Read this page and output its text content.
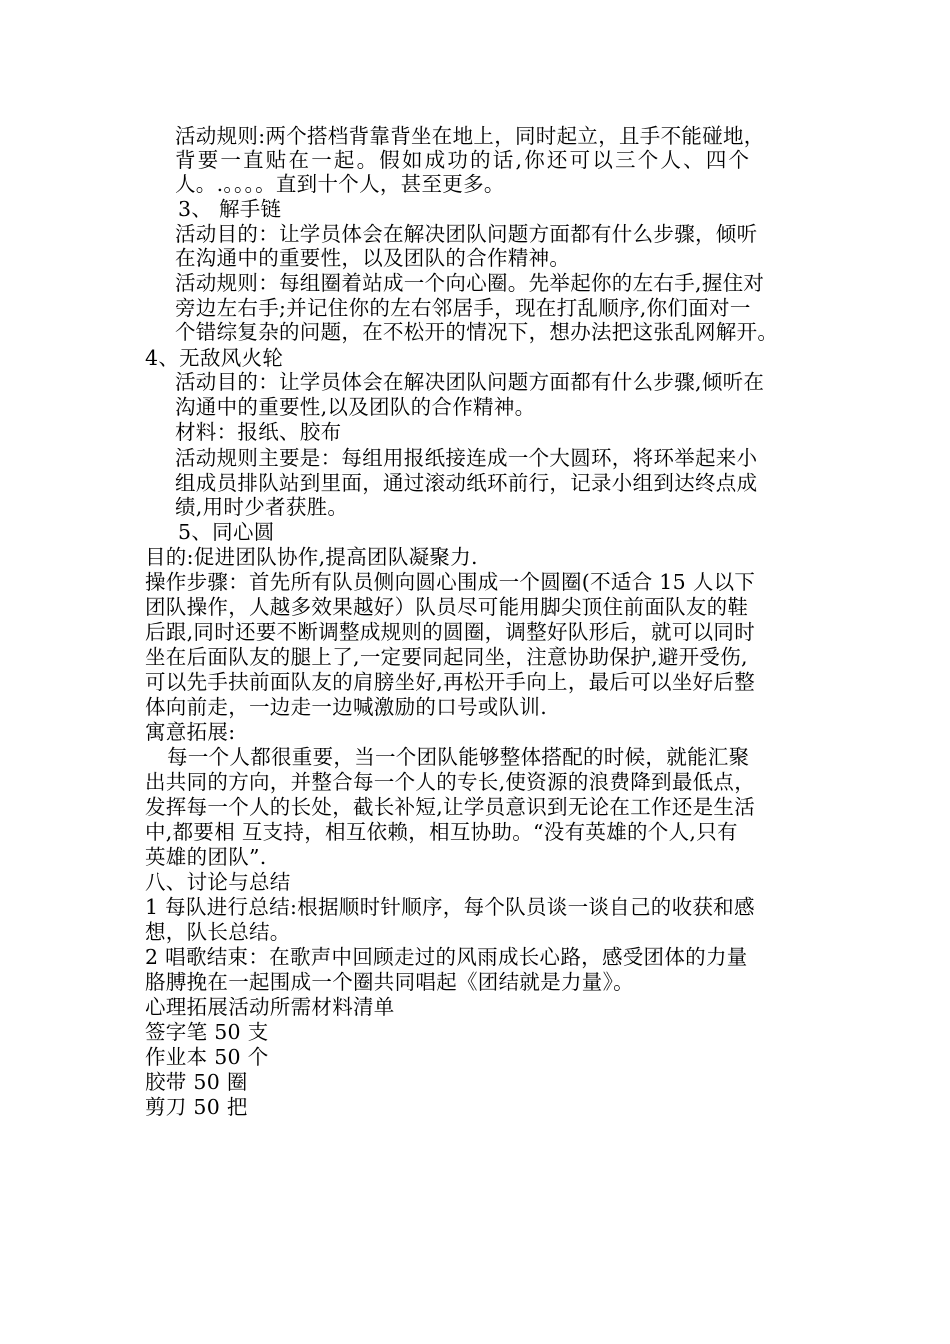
活动规则:两个搭档背靠背坐在地上，同时起立，且手不能碰地，
背要一直贴在一起。假如成功的话,你还可以三个人、四个
人。.。。。。直到十个人，甚至更多。
3、 解手链
活动目的：让学员体会在解决团队问题方面都有什么步骤，倾听
在沟通中的重要性，以及团队的合作精神。
活动规则：每组圈着站成一个向心圈。先举起你的左右手,握住对
旁边左右手;并记住你的左右邻居手，现在打乱顺序,你们面对一
个错综复杂的问题，在不松开的情况下，想办法把这张乱网解开。
4、无敌风火轮
活动目的：让学员体会在解决团队问题方面都有什么步骤,倾听在
沟通中的重要性,以及团队的合作精神。
材料：报纸、胶布
活动规则主要是：每组用报纸接连成一个大圆环，将环举起来小
组成员排队站到里面，通过滚动纸环前行，记录小组到达终点成
绩,用时少者获胜。
5、同心圆
目的:促进团队协作,提高团队凝聚力.
操作步骤：首先所有队员侧向圆心围成一个圆圈(不适合 15 人以下
团队操作，人越多效果越好）队员尽可能用脚尖顶住前面队友的鞋
后跟,同时还要不断调整成规则的圆圈，调整好队形后，就可以同时
坐在后面队友的腿上了,一定要同起同坐，注意协助保护,避开受伤,
可以先手扶前面队友的肩膀坐好,再松开手向上，最后可以坐好后整
体向前走，一边走一边喊激励的口号或队训.
寓意拓展:
每一个人都很重要，当一个团队能够整体搭配的时候，就能汇聚
出共同的方向，并整合每一个人的专长,使资源的浪费降到最低点，
发挥每一个人的长处，截长补短,让学员意识到无论在工作还是生活
中,都要相 互支持，相互依赖，相互协助。“没有英雄的个人,只有
英雄的团队”.
八、讨论与总结
1 每队进行总结:根据顺时针顺序，每个队员谈一谈自己的收获和感
想，队长总结。
2 唱歌结束：在歌声中回顾走过的风雨成长心路，感受团体的力量
胳膊挽在一起围成一个圈共同唱起《团结就是力量》。
心理拓展活动所需材料清单
签字笔 50 支
作业本 50 个
胶带 50 圈
剪刀 50 把
